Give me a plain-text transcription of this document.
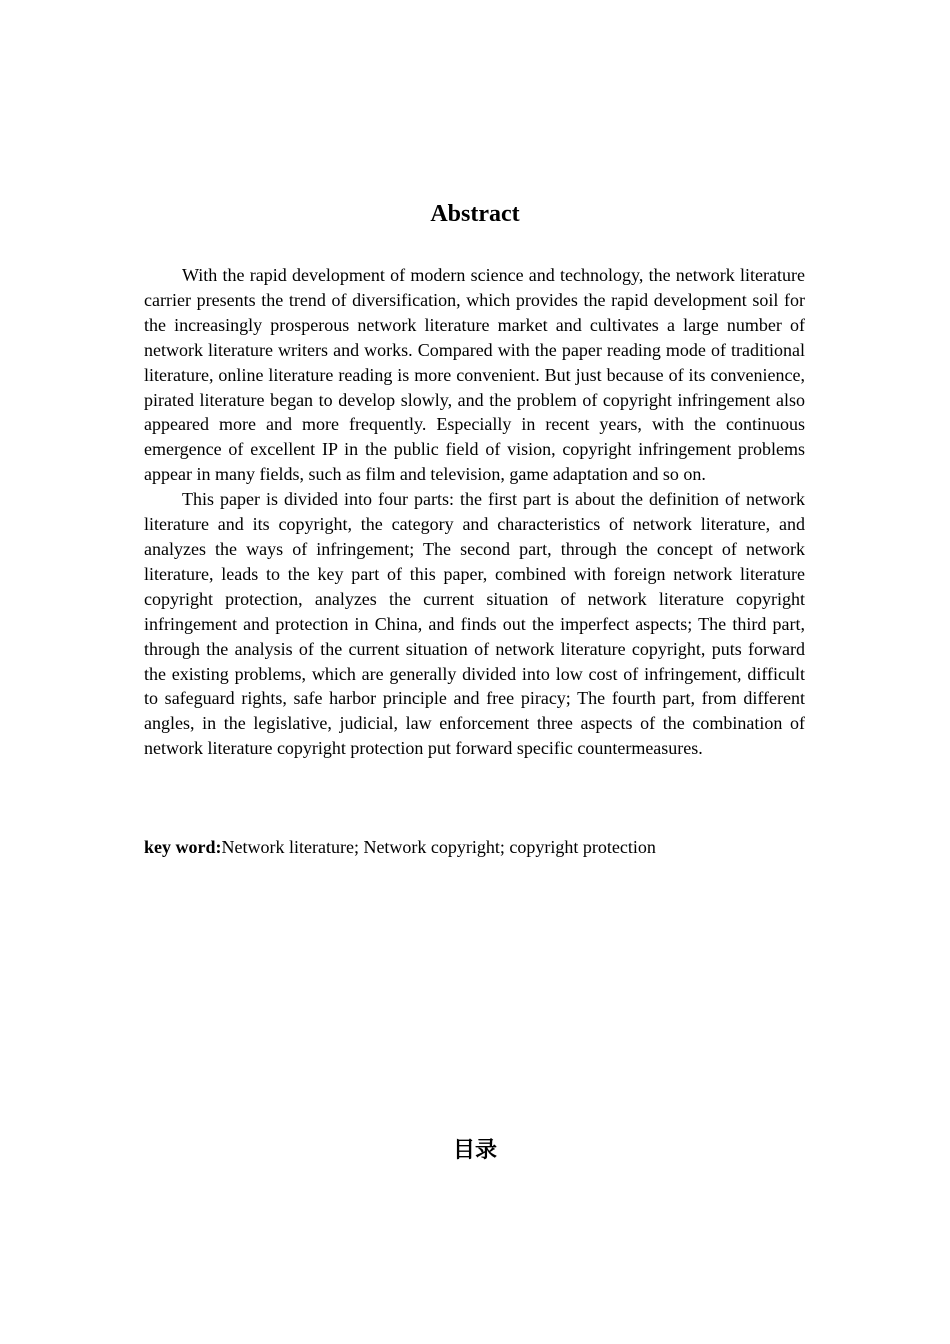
Abstract

With the rapid development of modern science and technology, the network literature carrier presents the trend of diversification, which provides the rapid development soil for the increasingly prosperous network literature market and cultivates a large number of network literature writers and works. Compared with the paper reading mode of traditional literature, online literature reading is more convenient. But just because of its convenience, pirated literature began to develop slowly, and the problem of copyright infringement also appeared more and more frequently. Especially in recent years, with the continuous emergence of excellent IP in the public field of vision, copyright infringement problems appear in many fields, such as film and television, game adaptation and so on.

This paper is divided into four parts: the first part is about the definition of network literature and its copyright, the category and characteristics of network literature, and analyzes the ways of infringement; The second part, through the concept of network literature, leads to the key part of this paper, combined with foreign network literature copyright protection, analyzes the current situation of network literature copyright infringement and protection in China, and finds out the imperfect aspects; The third part, through the analysis of the current situation of network literature copyright, puts forward the existing problems, which are generally divided into low cost of infringement, difficult to safeguard rights, safe harbor principle and free piracy; The fourth part, from different angles, in the legislative, judicial, law enforcement three aspects of the combination of network literature copyright protection put forward specific countermeasures.

key word:Network literature; Network copyright; copyright protection

目录
